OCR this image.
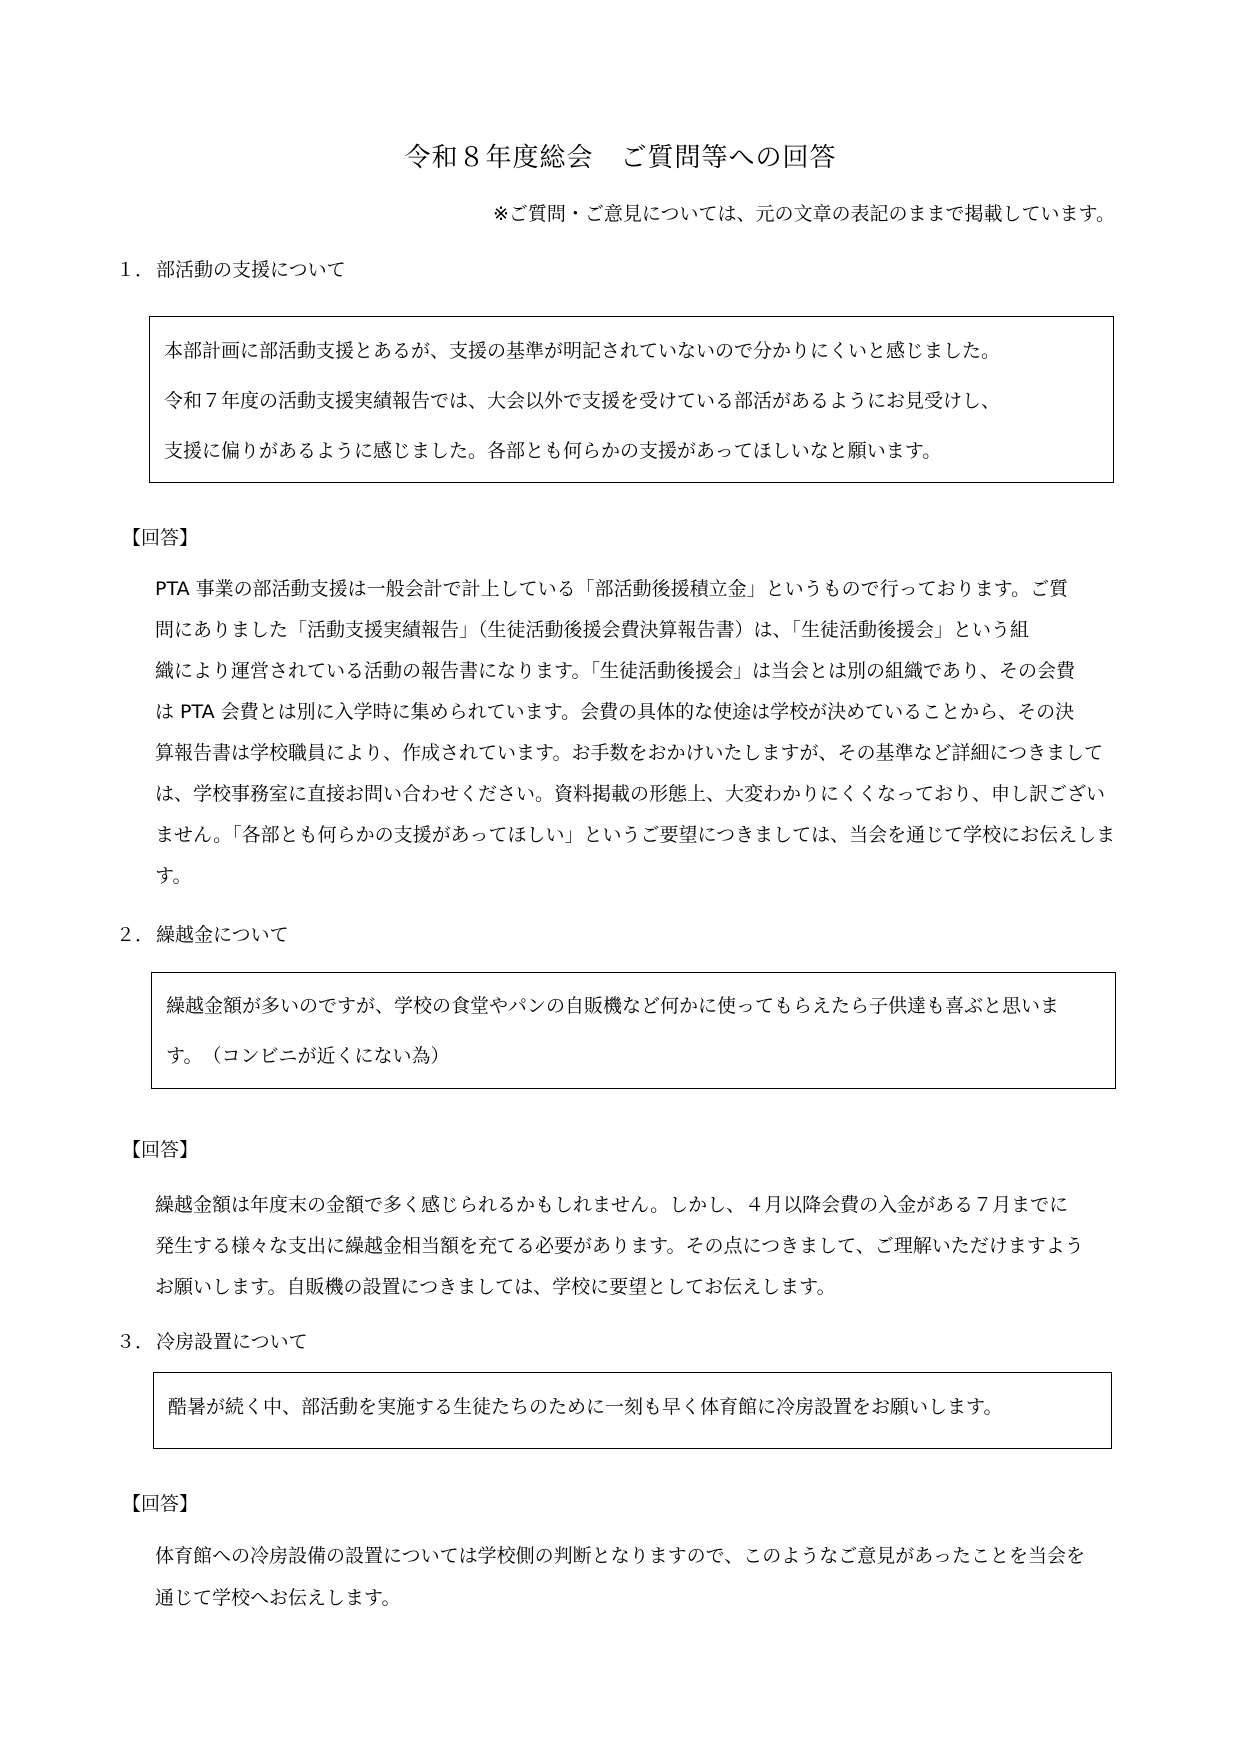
令和８年度総会　ご質問等への回答
※ご質問・ご意見については、元の文章の表記のままで掲載しています。
１． 部活動の支援について

本部計画に部活動支援とあるが、支援の基準が明記されていないので分かりにくいと感じました。

令和７年度の活動支援実績報告では、大会以外で支援を受けている部活があるようにお見受けし、

支援に偏りがあるように感じました。各部とも何らかの支援があってほしいなと願います。

【回答】

PTA 事業の部活動支援は一般会計で計上している「部活動後援積立金」というもので行っております。ご質

問にありました「活動支援実績報告」（生徒活動後援会費決算報告書）は、「生徒活動後援会」という組

織により運営されている活動の報告書になります。「生徒活動後援会」は当会とは別の組織であり、その会費

は PTA 会費とは別に入学時に集められています。会費の具体的な使途は学校が決めていることから、その決

算報告書は学校職員により、作成されています。お手数をおかけいたしますが、その基準など詳細につきまして

は、学校事務室に直接お問い合わせください。資料掲載の形態上、大変わかりにくくなっており、申し訳ござい

ません。「各部とも何らかの支援があってほしい」というご要望につきましては、当会を通じて学校にお伝えしま

す。

２． 繰越金について

繰越金額が多いのですが、学校の食堂やパンの自販機など何かに使ってもらえたら子供達も喜ぶと思いま

す。　（コンビニが近くにない為）

【回答】

繰越金額は年度末の金額で多く感じられるかもしれません。しかし、４月以降会費の入金がある７月までに

発生する様々な支出に繰越金相当額を充てる必要があります。その点につきまして、ご理解いただけますよう

お願いします。自販機の設置につきましては、学校に要望としてお伝えします。

３． 冷房設置について

酷暑が続く中、部活動を実施する生徒たちのために一刻も早く体育館に冷房設置をお願いします。

【回答】

体育館への冷房設備の設置については学校側の判断となりますので、このようなご意見があったことを当会を

通じて学校へお伝えします。
